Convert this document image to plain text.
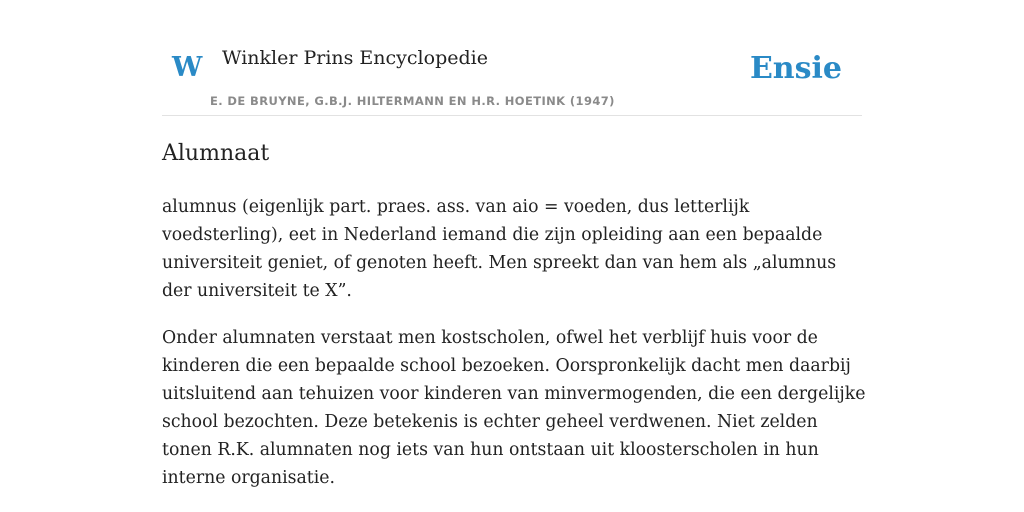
W Winkler Prins Encyclopedie
E. DE BRUYNE, G.B.J. HILTERMANN EN H.R. HOETINK (1947)
Ensie
Alumnaat

alumnus (eigenlijk part. praes. ass. van aio = voeden, dus letterlijk voedsterling), eet in Nederland iemand die zijn opleiding aan een bepaalde universiteit geniet, of genoten heeft. Men spreekt dan van hem als „alumnus der universiteit te X”.

Onder alumnaten verstaat men kostscholen, ofwel het verblijf huis voor de kinderen die een bepaalde school bezoeken. Oorspronkelijk dacht men daarbij uitsluitend aan tehuizen voor kinderen van minvermogenden, die een dergelijke school bezochten. Deze betekenis is echter geheel verdwenen. Niet zelden tonen R.K. alumnaten nog iets van hun ontstaan uit kloosterscholen in hun interne organisatie.
